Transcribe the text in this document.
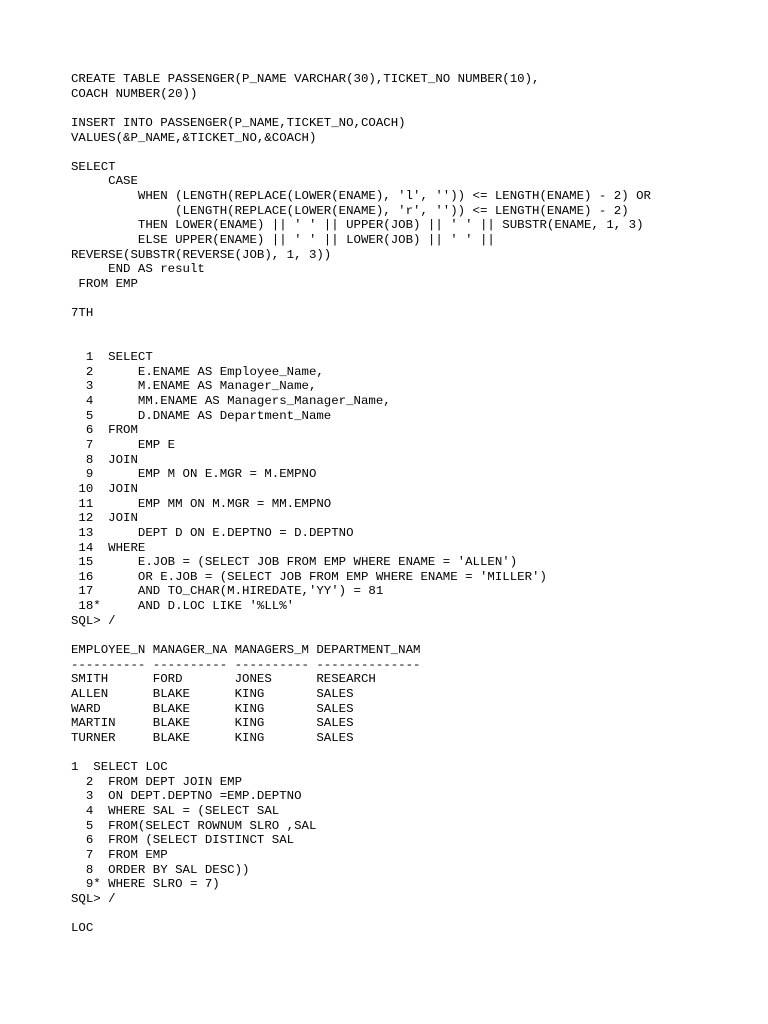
CREATE TABLE PASSENGER(P_NAME VARCHAR(30),TICKET_NO NUMBER(10),
COACH NUMBER(20))
INSERT INTO PASSENGER(P_NAME,TICKET_NO,COACH)
VALUES(&P_NAME,&TICKET_NO,&COACH)
SELECT
CASE
WHEN (LENGTH(REPLACE(LOWER(ENAME), 'l', '')) <= LENGTH(ENAME) - 2) OR
(LENGTH(REPLACE(LOWER(ENAME), 'r', '')) <= LENGTH(ENAME) - 2)
THEN LOWER(ENAME) || ' ' || UPPER(JOB) || ' ' || SUBSTR(ENAME, 1, 3)
ELSE UPPER(ENAME) || ' ' || LOWER(JOB) || ' ' ||
REVERSE(SUBSTR(REVERSE(JOB), 1, 3))
END AS result
FROM EMP
7TH
1  SELECT
2      E.ENAME AS Employee_Name,
3      M.ENAME AS Manager_Name,
4      MM.ENAME AS Managers_Manager_Name,
5      D.DNAME AS Department_Name
6  FROM
7      EMP E
8  JOIN
9      EMP M ON E.MGR = M.EMPNO
10  JOIN
11      EMP MM ON M.MGR = MM.EMPNO
12  JOIN
13      DEPT D ON E.DEPTNO = D.DEPTNO
14  WHERE
15      E.JOB = (SELECT JOB FROM EMP WHERE ENAME = 'ALLEN')
16      OR E.JOB = (SELECT JOB FROM EMP WHERE ENAME = 'MILLER')
17      AND TO_CHAR(M.HIREDATE,'YY') = 81
18*     AND D.LOC LIKE '%LL%'
SQL> /
EMPLOYEE_N MANAGER_NA MANAGERS_M DEPARTMENT_NAM
---------- ---------- ---------- --------------
SMITH      FORD       JONES      RESEARCH
ALLEN      BLAKE      KING       SALES
WARD       BLAKE      KING       SALES
MARTIN     BLAKE      KING       SALES
TURNER     BLAKE      KING       SALES
1  SELECT LOC
2  FROM DEPT JOIN EMP
3  ON DEPT.DEPTNO =EMP.DEPTNO
4  WHERE SAL = (SELECT SAL
5  FROM(SELECT ROWNUM SLRO ,SAL
6  FROM (SELECT DISTINCT SAL
7  FROM EMP
8  ORDER BY SAL DESC))
9* WHERE SLRO = 7)
SQL> /
LOC
